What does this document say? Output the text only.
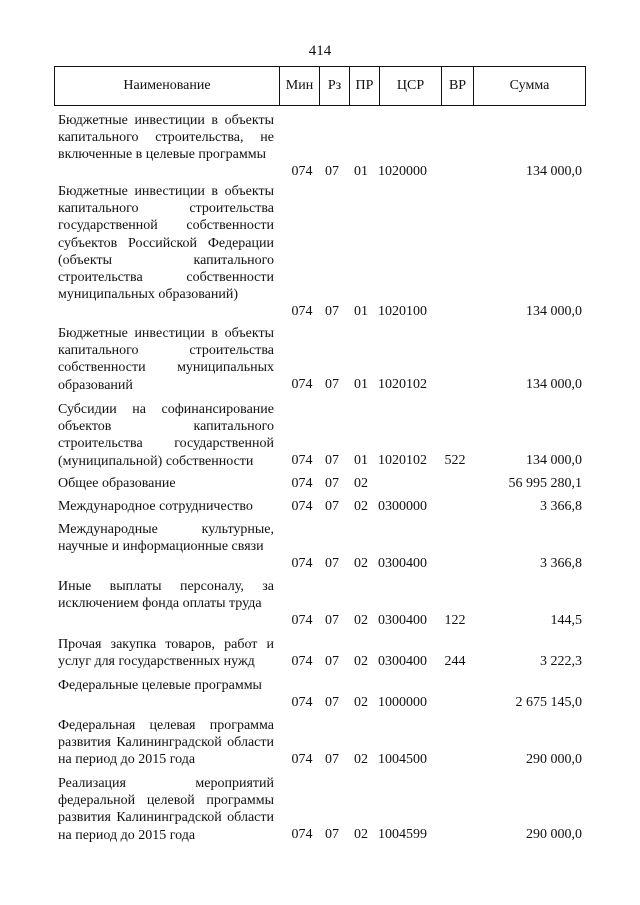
414
Наименование	Мин	Рз	ПР	ЦСР	ВР	Сумма
Бюджетные инвестиции в объекты капитального строительства, не включенные в целевые программы
074 07 01 1020000	134 000,0
Бюджетные инвестиции в объекты капитального строительства государственной собственности субъектов Российской Федерации (объекты капитального строительства собственности муниципальных образований)
074 07 01 1020100	134 000,0
Бюджетные инвестиции в объекты капитального строительства собственности муниципальных образований	074 07 01 1020102	134 000,0
Субсидии на софинансирование объектов капитального строительства государственной (муниципальной) собственности	074 07 01 1020102	522	134 000,0
Общее образование	074 07 02	56 995 280,1
Международное сотрудничество	074 07 02 0300000	3 366,8
Международные культурные, научные и информационные связи
074 07 02 0300400	3 366,8
Иные выплаты персоналу, за исключением фонда оплаты труда
074 07 02 0300400	122	144,5
Прочая закупка товаров, работ и услуг для государственных нужд	074 07 02 0300400	244	3 222,3
Федеральные целевые программы
074 07 02 1000000	2 675 145,0
Федеральная целевая программа развития Калининградской области на период до 2015 года	074 07 02 1004500	290 000,0
Реализация мероприятий федеральной целевой программы развития Калининградской области на период до 2015 года	074 07 02 1004599	290 000,0
